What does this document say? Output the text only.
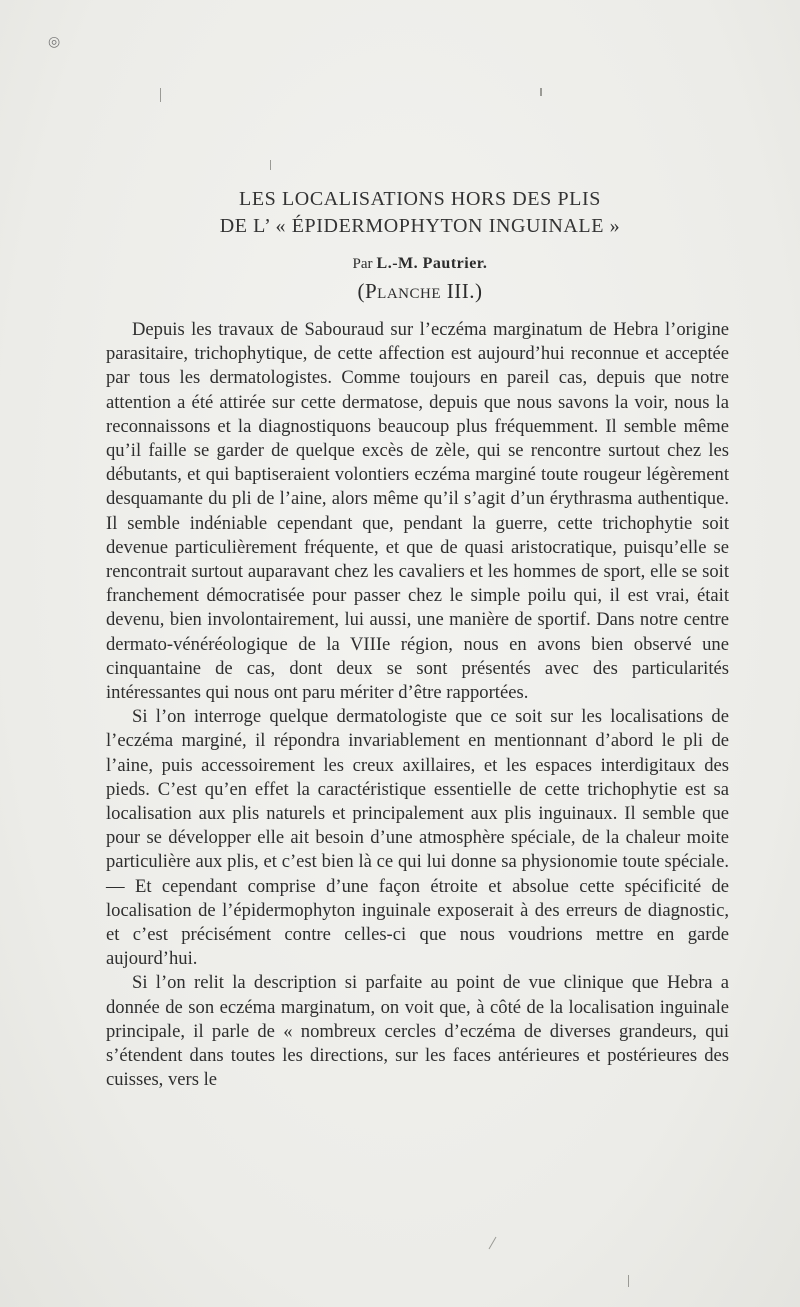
◎
LES LOCALISATIONS HORS DES PLIS
DE L’ « ÉPIDERMOPHYTON INGUINALE »
Par L.-M. Pautrier.
(Planche III.)

Depuis les travaux de Sabouraud sur l’eczéma marginatum de Hebra l’origine parasitaire, trichophytique, de cette affection est aujourd’hui reconnue et acceptée par tous les dermatologistes. Comme toujours en pareil cas, depuis que notre attention a été attirée sur cette dermatose, depuis que nous savons la voir, nous la reconnaissons et la diagnostiquons beaucoup plus fréquemment. Il semble même qu’il faille se garder de quelque excès de zèle, qui se rencontre surtout chez les débutants, et qui baptiseraient volontiers eczéma marginé toute rougeur légèrement desquamante du pli de l’aine, alors même qu’il s’agit d’un érythrasma authentique. Il semble indéniable cependant que, pendant la guerre, cette trichophytie soit devenue particulièrement fréquente, et que de quasi aristocratique, puisqu’elle se rencontrait surtout auparavant chez les cavaliers et les hommes de sport, elle se soit franchement démocratisée pour passer chez le simple poilu qui, il est vrai, était devenu, bien involontairement, lui aussi, une manière de sportif. Dans notre centre dermato-vénéréologique de la VIIIe région, nous en avons bien observé une cinquantaine de cas, dont deux se sont présentés avec des particularités intéressantes qui nous ont paru mériter d’être rapportées.

Si l’on interroge quelque dermatologiste que ce soit sur les localisations de l’eczéma marginé, il répondra invariablement en mentionnant d’abord le pli de l’aine, puis accessoirement les creux axillaires, et les espaces interdigitaux des pieds. C’est qu’en effet la caractéristique essentielle de cette trichophytie est sa localisation aux plis naturels et principalement aux plis inguinaux. Il semble que pour se développer elle ait besoin d’une atmosphère spéciale, de la chaleur moite particulière aux plis, et c’est bien là ce qui lui donne sa physionomie toute spéciale. — Et cependant comprise d’une façon étroite et absolue cette spécificité de localisation de l’épidermophyton inguinale exposerait à des erreurs de diagnostic, et c’est précisément contre celles-ci que nous voudrions mettre en garde aujourd’hui.

Si l’on relit la description si parfaite au point de vue clinique que Hebra a donnée de son eczéma marginatum, on voit que, à côté de la localisation inguinale principale, il parle de « nombreux cercles d’eczéma de diverses grandeurs, qui s’étendent dans toutes les directions, sur les faces antérieures et postérieures des cuisses, vers le
